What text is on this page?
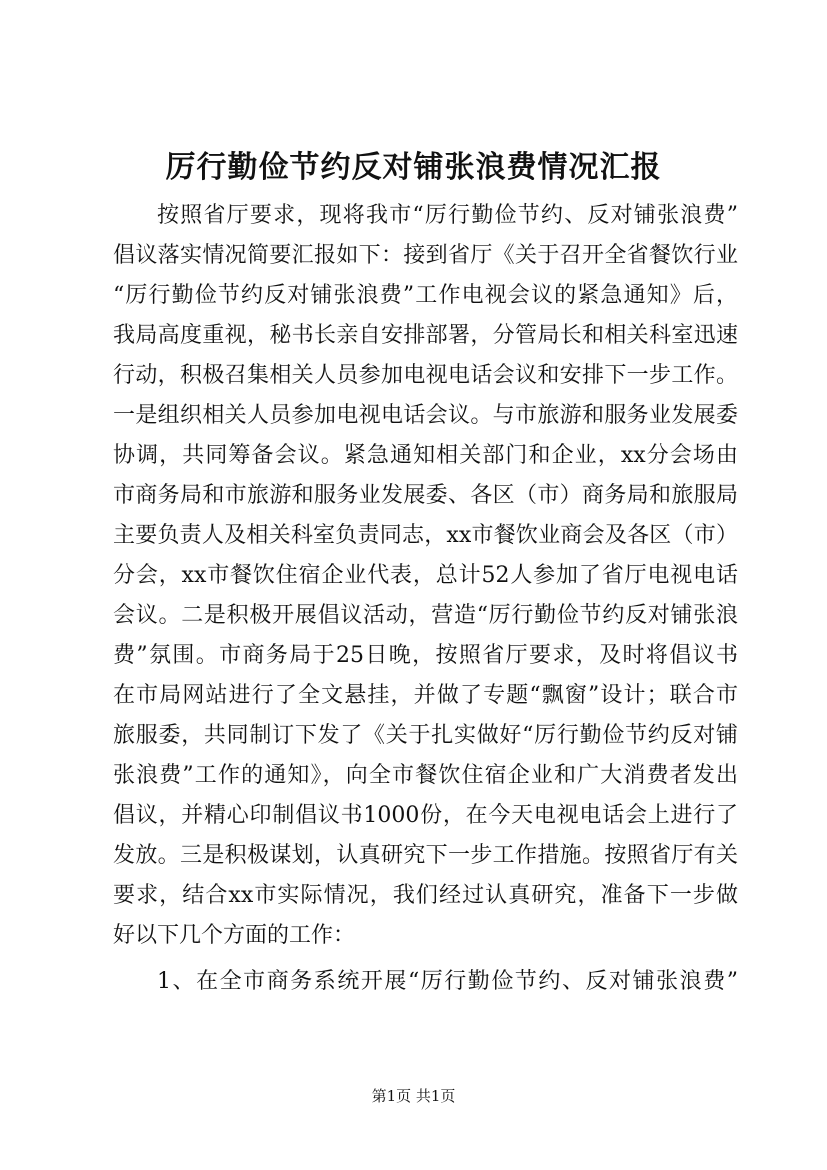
厉行勤俭节约反对铺张浪费情况汇报
按照省厅要求，现将我市“厉行勤俭节约、反对铺张浪费”
倡议落实情况简要汇报如下：接到省厅《关于召开全省餐饮行业
“厉行勤俭节约反对铺张浪费”工作电视会议的紧急通知》后，
我局高度重视，秘书长亲自安排部署，分管局长和相关科室迅速
行动，积极召集相关人员参加电视电话会议和安排下一步工作。
一是组织相关人员参加电视电话会议。与市旅游和服务业发展委
协调，共同筹备会议。紧急通知相关部门和企业，xx分会场由
市商务局和市旅游和服务业发展委、各区（市）商务局和旅服局
主要负责人及相关科室负责同志，xx市餐饮业商会及各区（市）
分会，xx市餐饮住宿企业代表，总计52人参加了省厅电视电话
会议。二是积极开展倡议活动，营造“厉行勤俭节约反对铺张浪
费”氛围。市商务局于25日晚，按照省厅要求，及时将倡议书
在市局网站进行了全文悬挂，并做了专题“飘窗”设计；联合市
旅服委，共同制订下发了《关于扎实做好“厉行勤俭节约反对铺
张浪费”工作的通知》，向全市餐饮住宿企业和广大消费者发出
倡议，并精心印制倡议书1000份，在今天电视电话会上进行了
发放。三是积极谋划，认真研究下一步工作措施。按照省厅有关
要求，结合xx市实际情况，我们经过认真研究，准备下一步做
好以下几个方面的工作：
1、在全市商务系统开展“厉行勤俭节约、反对铺张浪费”
第1页 共1页
